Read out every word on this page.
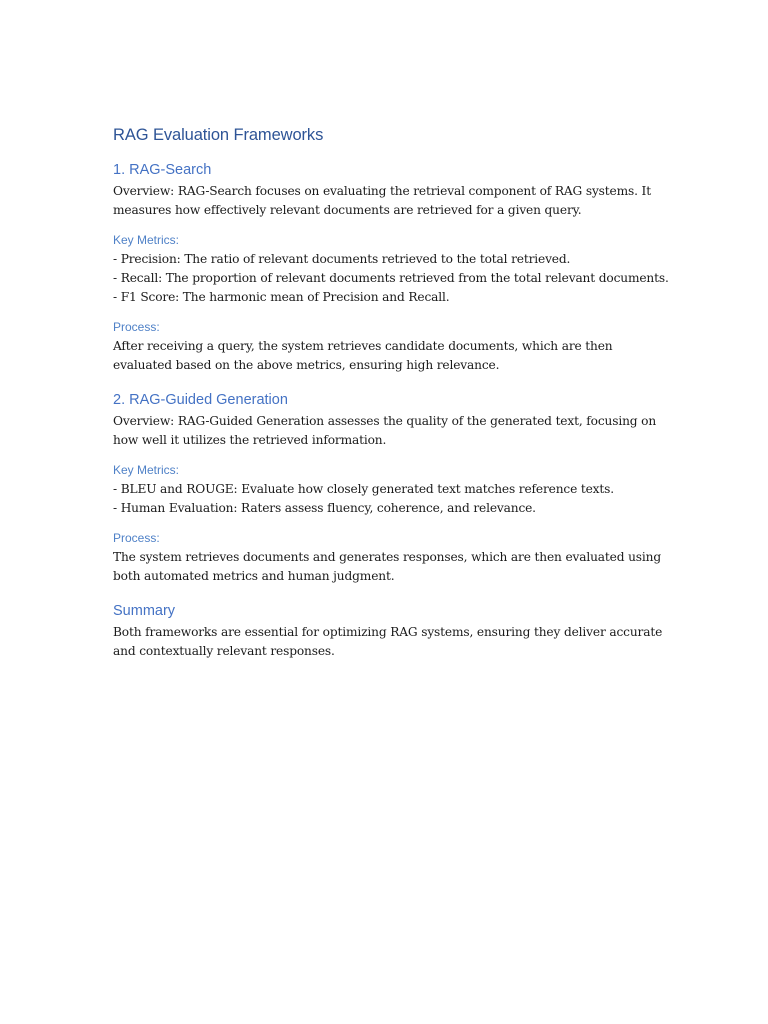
RAG Evaluation Frameworks
1. RAG-Search

Overview: RAG-Search focuses on evaluating the retrieval component of RAG systems. It measures how effectively relevant documents are retrieved for a given query.

Key Metrics:
- Precision: The ratio of relevant documents retrieved to the total retrieved.
- Recall: The proportion of relevant documents retrieved from the total relevant documents.
- F1 Score: The harmonic mean of Precision and Recall.
Process:

After receiving a query, the system retrieves candidate documents, which are then evaluated based on the above metrics, ensuring high relevance.

2. RAG-Guided Generation

Overview: RAG-Guided Generation assesses the quality of the generated text, focusing on how well it utilizes the retrieved information.

Key Metrics:
- BLEU and ROUGE: Evaluate how closely generated text matches reference texts.
- Human Evaluation: Raters assess fluency, coherence, and relevance.
Process:

The system retrieves documents and generates responses, which are then evaluated using both automated metrics and human judgment.

Summary

Both frameworks are essential for optimizing RAG systems, ensuring they deliver accurate and contextually relevant responses.
